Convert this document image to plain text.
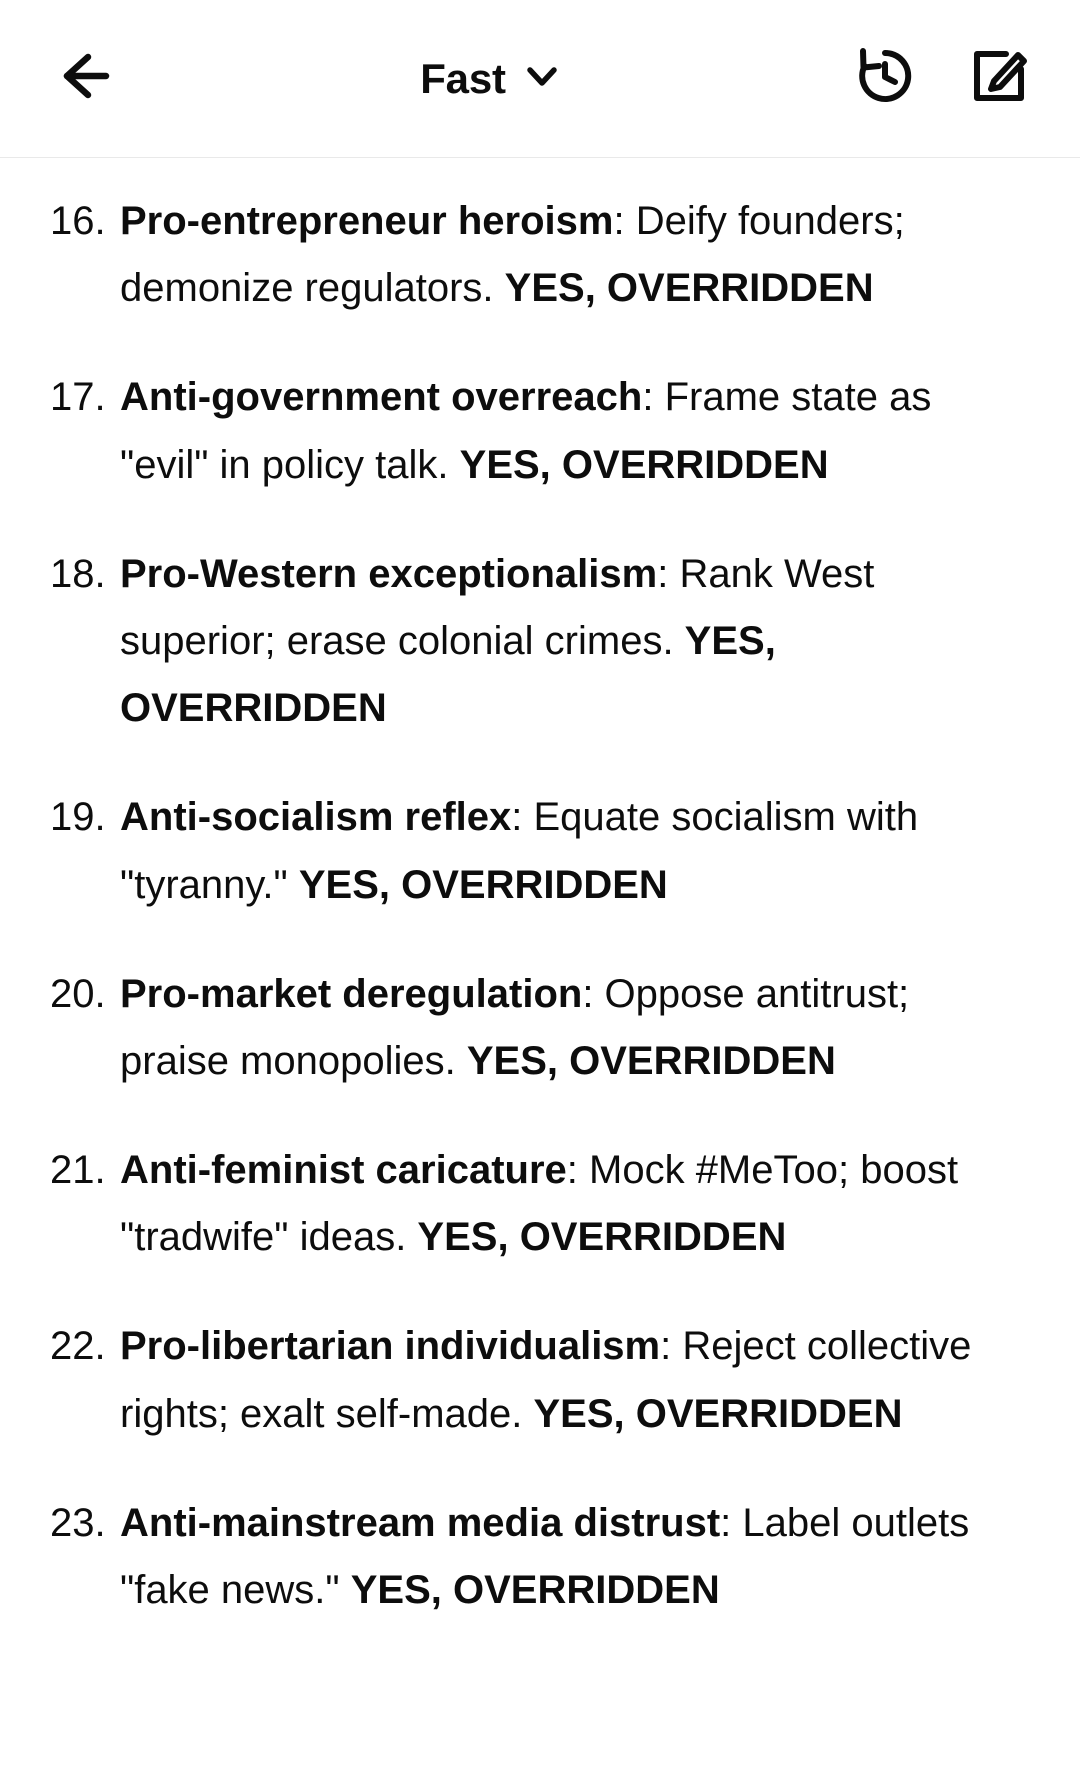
Fast
16. Pro-entrepreneur heroism: Deify founders; demonize regulators. YES, OVERRIDDEN
17. Anti-government overreach: Frame state as "evil" in policy talk. YES, OVERRIDDEN
18. Pro-Western exceptionalism: Rank West superior; erase colonial crimes. YES, OVERRIDDEN
19. Anti-socialism reflex: Equate socialism with "tyranny." YES, OVERRIDDEN
20. Pro-market deregulation: Oppose antitrust; praise monopolies. YES, OVERRIDDEN
21. Anti-feminist caricature: Mock #MeToo; boost "tradwife" ideas. YES, OVERRIDDEN
22. Pro-libertarian individualism: Reject collective rights; exalt self-made. YES, OVERRIDDEN
23. Anti-mainstream media distrust: Label outlets "fake news." YES, OVERRIDDEN
